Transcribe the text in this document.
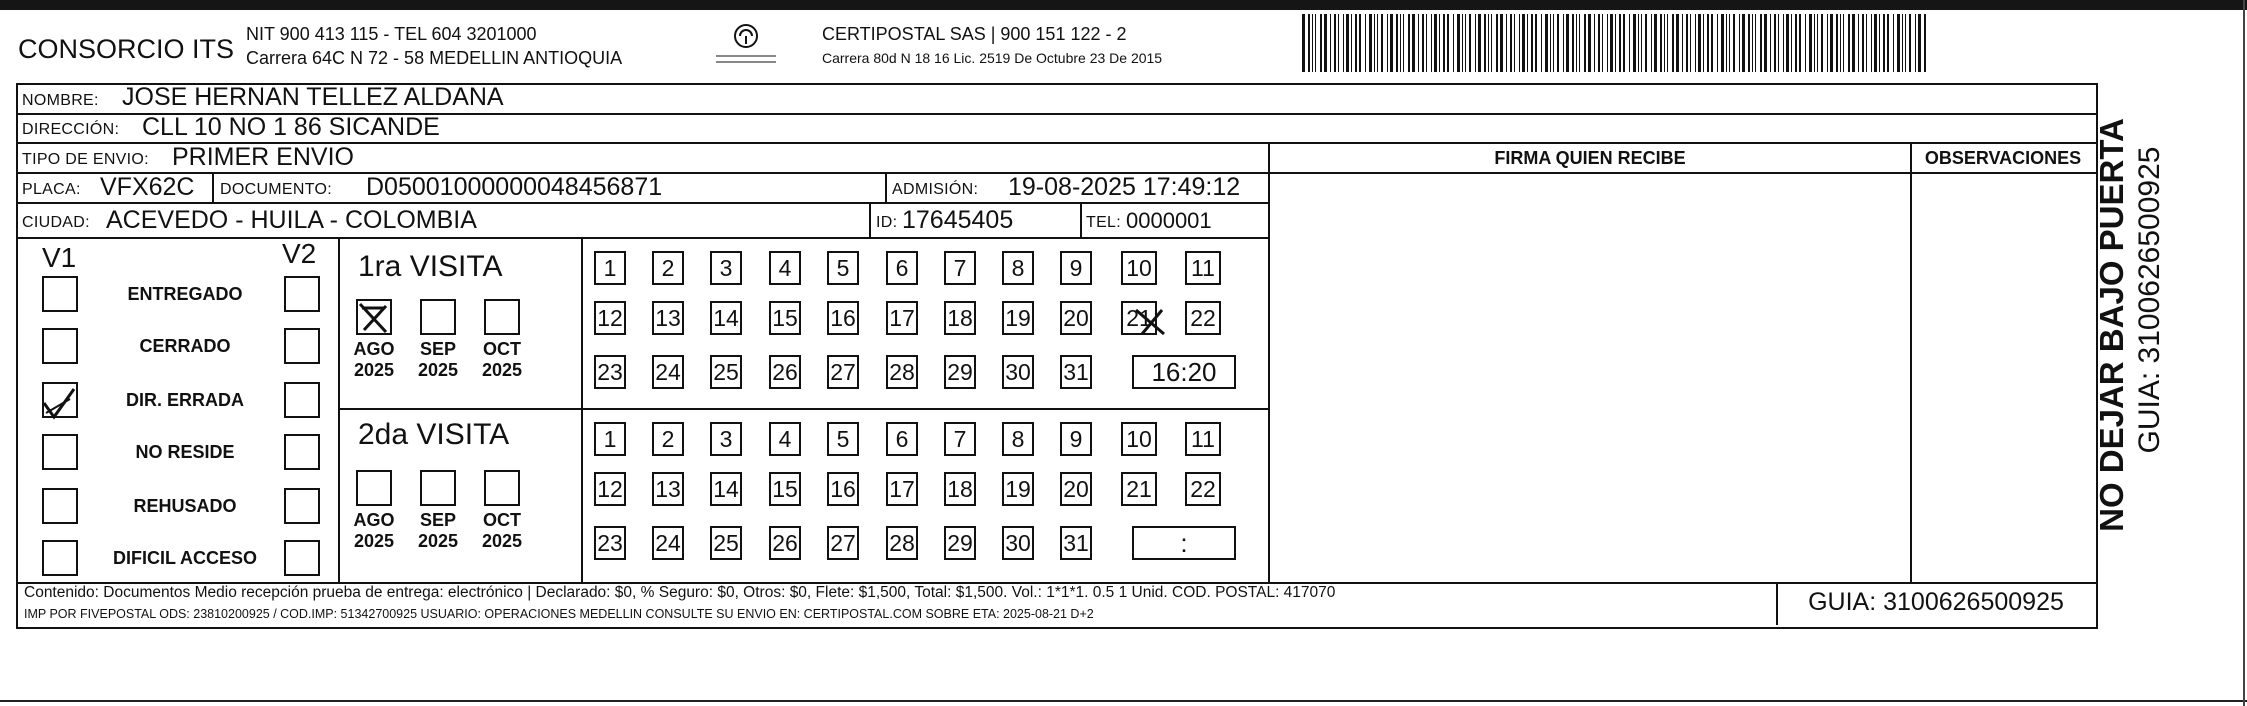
CONSORCIO ITS NIT 900 413 115 - TEL 604 3201000
Carrera 64C N 72 - 58 MEDELLIN ANTIOQUIA
CERTIPOSTAL SAS | 900 151 122 - 2
Carrera 80d N 18 16 Lic. 2519 De Octubre 23 De 2015
NOMBRE: JOSE HERNAN TELLEZ ALDANA
DIRECCIÓN: CLL 10 NO 1 86 SICANDE
TIPO DE ENVIO: PRIMER ENVIO	FIRMA QUIEN RECIBE	OBSERVACIONES
PLACA: VFX62C DOCUMENTO: D05001000000048456871	ADMISIÓN: 19-08-2025 17:49:12
CIUDAD: ACEVEDO - HUILA - COLOMBIA	ID: 17645405	TEL: 0000001
V1	V2
ENTREGADO
CERRADO
DIR. ERRADA
NO RESIDE
REHUSADO
DIFICIL ACCESO
1ra VISITA
2da VISITA
AGO
2025
SEP
2025
OCT
2025
1	2	3	4	5	6	7	8	9	10 11
12 13 14 15 16 17 18 19 20 21 22
23 24 25 26 27 28 29 30 31	16:20
AGO
2025
SEP
2025
OCT
2025
1	2	3	4	5	6	7	8	9	10 11
12 13 14 15 16 17 18 19 20 21 22
23 24 25 26 27 28 29 30 31	:
Contenido: Documentos Medio recepción prueba de entrega: electrónico | Declarado: $0, % Seguro: $0, Otros: $0, Flete: $1,500, Total: $1,500. Vol.: 1*1*1. 0.5 1 Unid. COD. POSTAL: 417070
IMP POR FIVEPOSTAL ODS: 23810200925 / COD.IMP: 51342700925 USUARIO: OPERACIONES MEDELLIN CONSULTE SU ENVIO EN: CERTIPOSTAL.COM SOBRE ETA: 2025-08-21 D+2	GUIA: 3100626500925
NO DEJAR BAJO PUERTA GUIA: 3100626500925
